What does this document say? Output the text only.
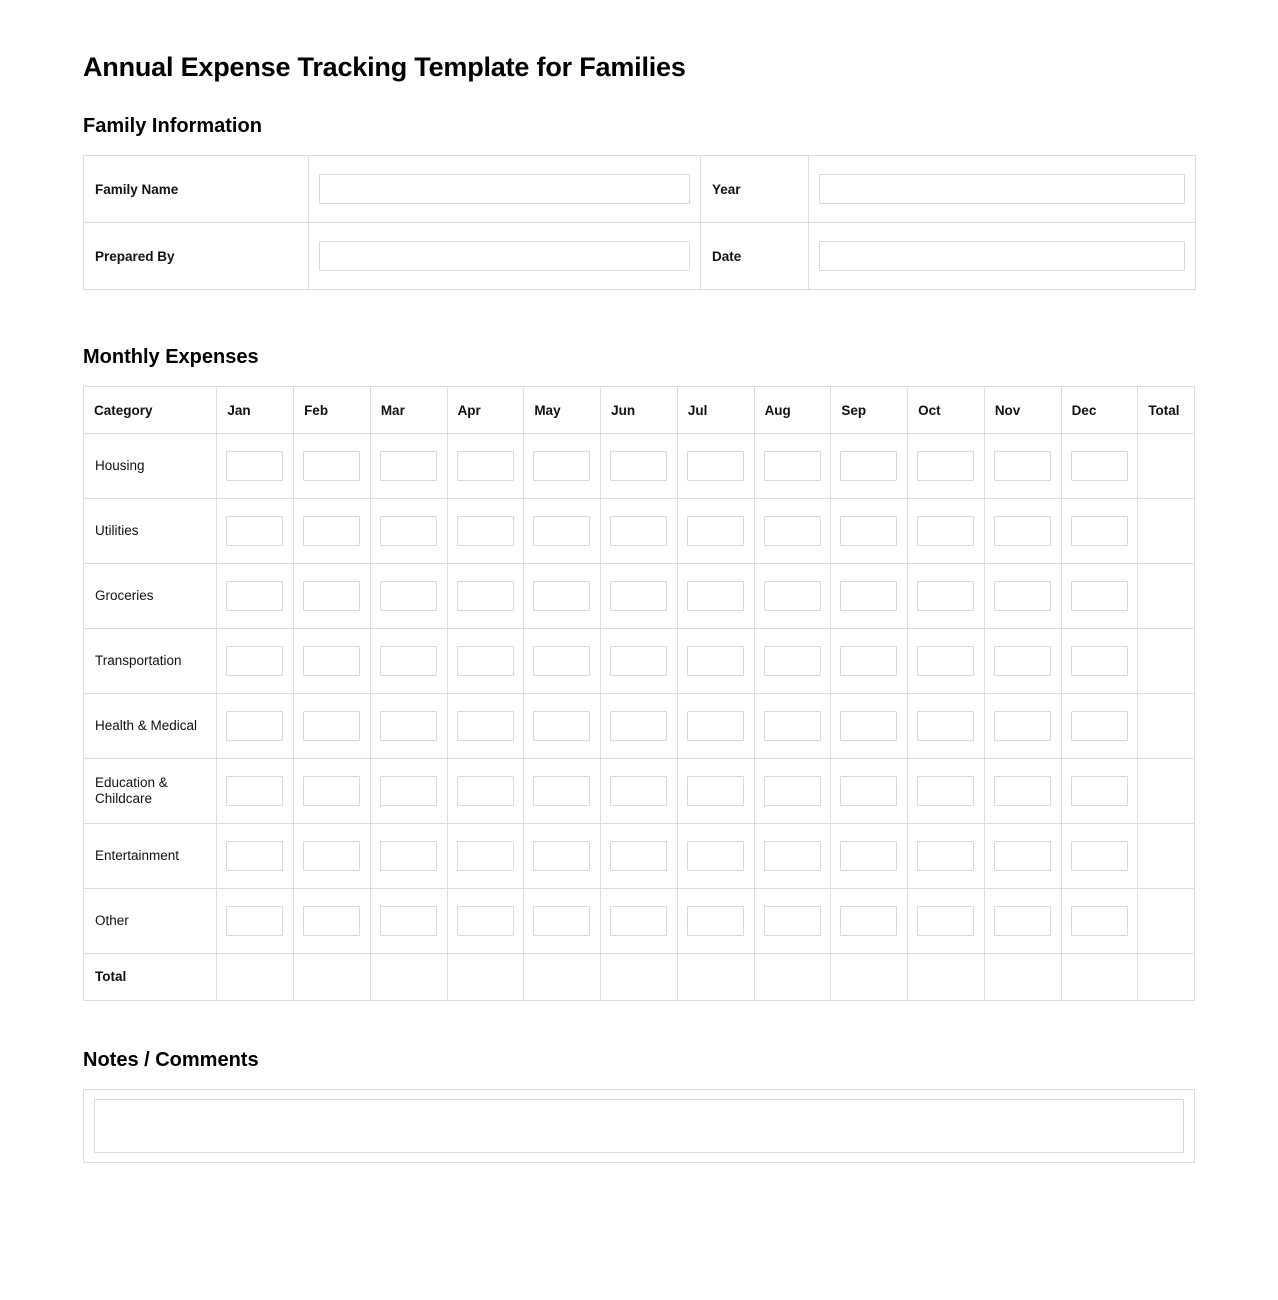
Annual Expense Tracking Template for Families
Family Information
Family Name		Year	

Prepared By		Date	
Monthly Expenses
Category	Jan	Feb	Mar	Apr	May	Jun	Jul	Aug	Sep	Oct	Nov	Dec	Total
Housing	

Utilities	

Groceries	

Transportation	

Health & Medical	

Education & Childcare	

Entertainment	

Other	

Total													
Notes / Comments
